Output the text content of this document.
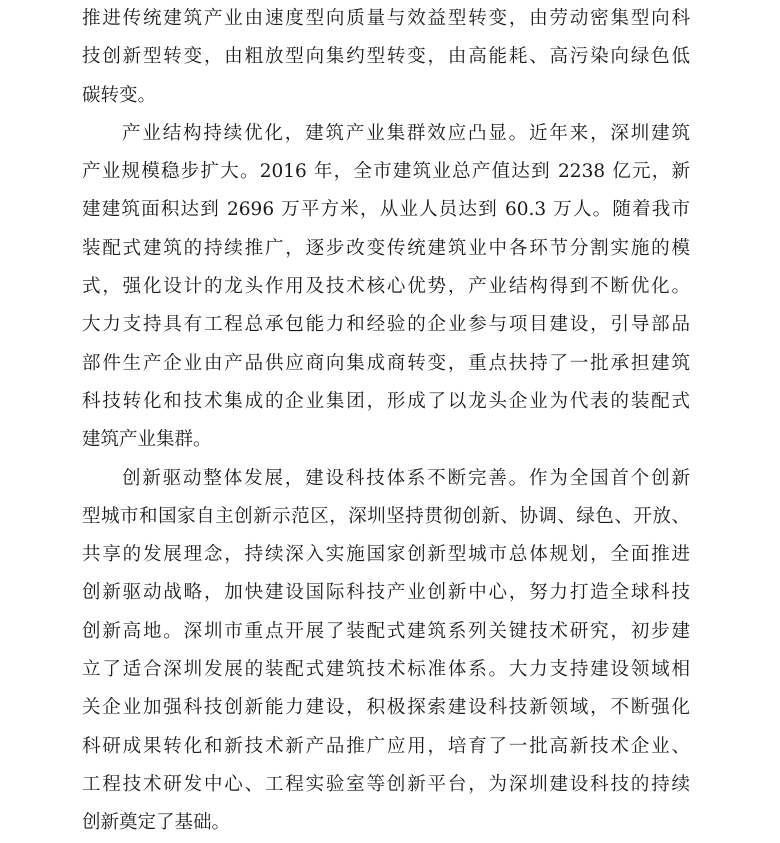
推进传统建筑产业由速度型向质量与效益型转变，由劳动密集型向科
技创新型转变，由粗放型向集约型转变，由高能耗、高污染向绿色低
碳转变。
产业结构持续优化，建筑产业集群效应凸显。近年来，深圳建筑
产业规模稳步扩大。2016 年，全市建筑业总产值达到 2238 亿元，新
建建筑面积达到 2696 万平方米，从业人员达到 60.3 万人。随着我市
装配式建筑的持续推广，逐步改变传统建筑业中各环节分割实施的模
式，强化设计的龙头作用及技术核心优势，产业结构得到不断优化。
大力支持具有工程总承包能力和经验的企业参与项目建设，引导部品
部件生产企业由产品供应商向集成商转变，重点扶持了一批承担建筑
科技转化和技术集成的企业集团，形成了以龙头企业为代表的装配式
建筑产业集群。
创新驱动整体发展，建设科技体系不断完善。作为全国首个创新
型城市和国家自主创新示范区，深圳坚持贯彻创新、协调、绿色、开放、
共享的发展理念，持续深入实施国家创新型城市总体规划，全面推进
创新驱动战略，加快建设国际科技产业创新中心，努力打造全球科技
创新高地。深圳市重点开展了装配式建筑系列关键技术研究，初步建
立了适合深圳发展的装配式建筑技术标准体系。大力支持建设领域相
关企业加强科技创新能力建设，积极探索建设科技新领域，不断强化
科研成果转化和新技术新产品推广应用，培育了一批高新技术企业、
工程技术研发中心、工程实验室等创新平台，为深圳建设科技的持续
创新奠定了基础。
